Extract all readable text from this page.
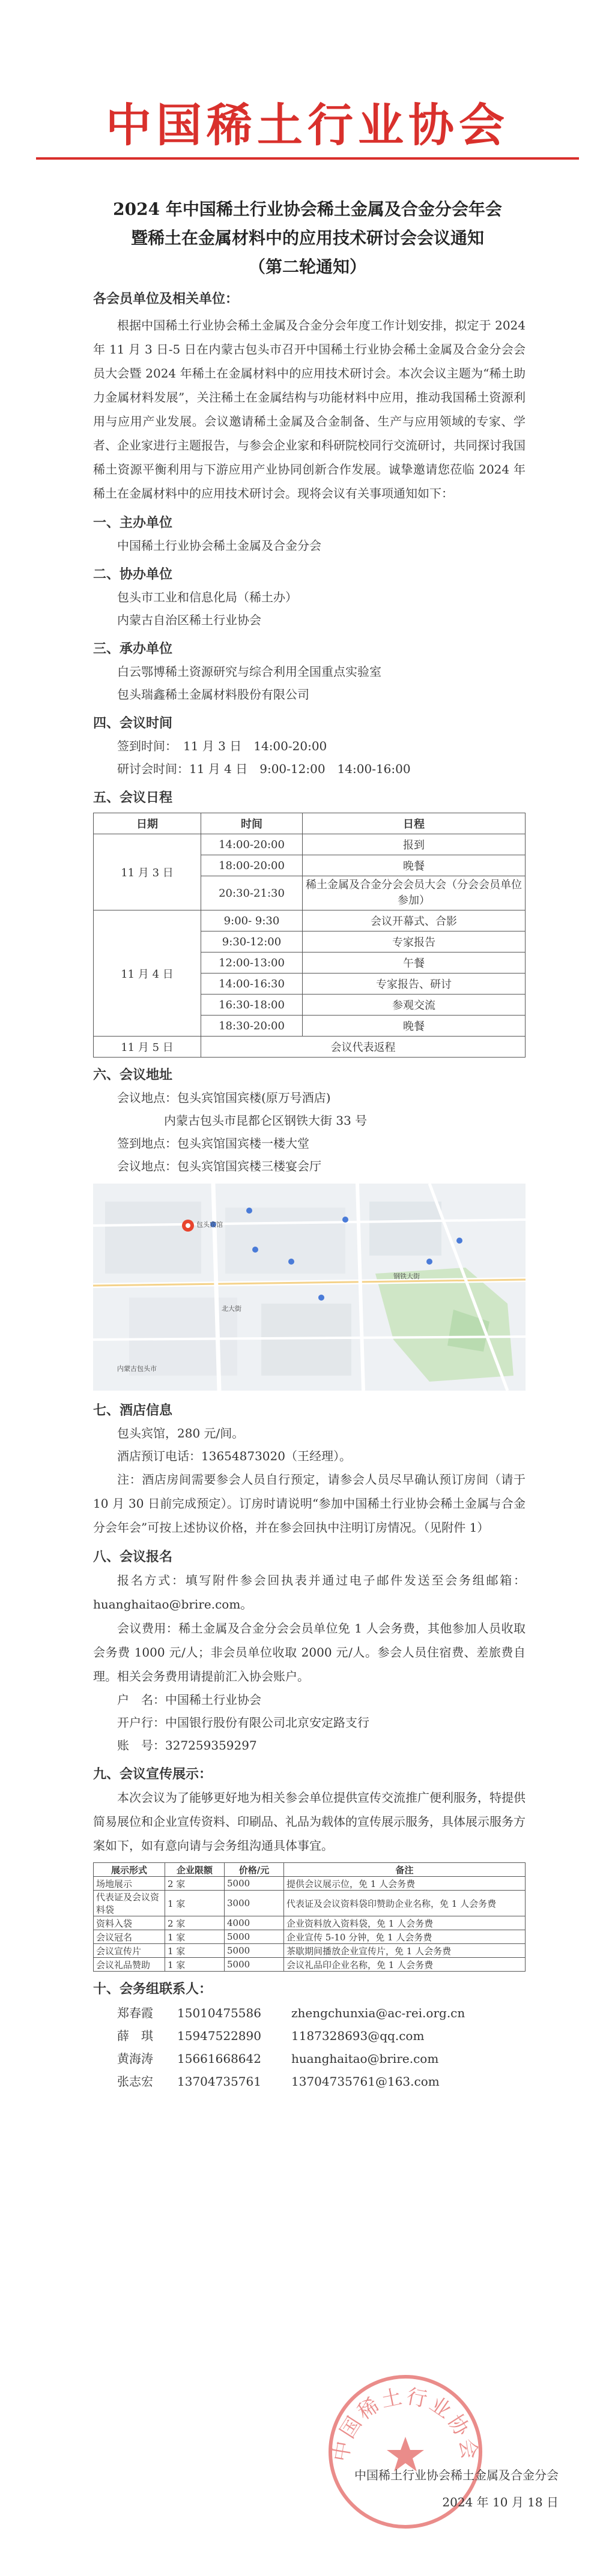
中国稀土行业协会
2024 年中国稀土行业协会稀土金属及合金分会年会
暨稀土在金属材料中的应用技术研讨会会议通知
（第二轮通知）
各会员单位及相关单位：

根据中国稀土行业协会稀土金属及合金分会年度工作计划安排，拟定于 2024 年 11 月 3 日-5 日在内蒙古包头市召开中国稀土行业协会稀土金属及合金分会会员大会暨 2024 年稀土在金属材料中的应用技术研讨会。本次会议主题为“稀土助力金属材料发展”，关注稀土在金属结构与功能材料中应用，推动我国稀土资源利用与应用产业发展。会议邀请稀土金属及合金制备、生产与应用领域的专家、学者、企业家进行主题报告，与参会企业家和科研院校同行交流研讨，共同探讨我国稀土资源平衡利用与下游应用产业协同创新合作发展。诚挚邀请您莅临 2024 年稀土在金属材料中的应用技术研讨会。现将会议有关事项通知如下：

一、主办单位
中国稀土行业协会稀土金属及合金分会
二、协办单位
包头市工业和信息化局（稀土办）
内蒙古自治区稀土行业协会
三、承办单位
白云鄂博稀土资源研究与综合利用全国重点实验室
包头瑞鑫稀土金属材料股份有限公司
四、会议时间
签到时间：　11 月 3 日　14:00-20:00
研讨会时间：11 月 4 日　9:00-12:00　14:00-16:00
五、会议日程
日期	时间	日程
11 月 3 日	14:00-20:00	报到
	18:00-20:00	晚餐
	20:30-21:30	稀土金属及合金分会会员大会（分会会员单位参加）
11 月 4 日	9:00- 9:30	会议开幕式、合影
	9:30-12:00	专家报告
	12:00-13:00	午餐
	14:00-16:30	专家报告、研讨
	16:30-18:00	参观交流
	18:30-20:00	晚餐
11 月 5 日	会议代表返程	
六、会议地址
会议地点：包头宾馆国宾楼(原万号酒店)
内蒙古包头市昆都仑区钢铁大街 33 号
签到地点：包头宾馆国宾楼一楼大堂
会议地点：包头宾馆国宾楼三楼宴会厅
包头宾馆
北大街
钢铁大街
内蒙古包头市
七、酒店信息
包头宾馆，280 元/间。
酒店预订电话：13654873020（王经理）。

注：酒店房间需要参会人员自行预定，请参会人员尽早确认预订房间（请于 10 月 30 日前完成预定）。订房时请说明“参加中国稀土行业协会稀土金属与合金分会年会”可按上述协议价格，并在参会回执中注明订房情况。（见附件 1）

八、会议报名

报名方式：填写附件参会回执表并通过电子邮件发送至会务组邮箱：huanghaitao@brire.com。

会议费用：稀土金属及合金分会会员单位免 1 人会务费，其他参加人员收取会务费 1000 元/人；非会员单位收取 2000 元/人。参会人员住宿费、差旅费自理。相关会务费用请提前汇入协会账户。

户　名：中国稀土行业协会
开户行：中国银行股份有限公司北京安定路支行
账　号：327259359297
九、会议宣传展示：

本次会议为了能够更好地为相关参会单位提供宣传交流推广便利服务，特提供简易展位和企业宣传资料、印刷品、礼品为载体的宣传展示服务，具体展示服务方案如下，如有意向请与会务组沟通具体事宜。

展示形式	企业限额	价格/元	备注
场地展示	2 家	5000	提供会议展示位，免 1 人会务费
代表证及会议资料袋	1 家	3000	代表证及会议资料袋印赞助企业名称，免 1 人会务费
资料入袋	2 家	4000	企业资料放入资料袋，免 1 人会务费
会议冠名	1 家	5000	企业宣传 5-10 分钟，免 1 人会务费
会议宣传片	1 家	5000	茶歇期间播放企业宣传片，免 1 人会务费
会议礼品赞助	1 家	5000	会议礼品印企业名称，免 1 人会务费
十、会务组联系人：
郑春霞	15010475586	zhengchunxia@ac-rei.org.cn
薛　琪	15947522890	1187328693@qq.com
黄海涛	15661668642	huanghaitao@brire.com
张志宏	13704735761	13704735761@163.com
中国稀土行业协会
中国稀土行业协会稀土金属及合金分会
2024 年 10 月 18 日
